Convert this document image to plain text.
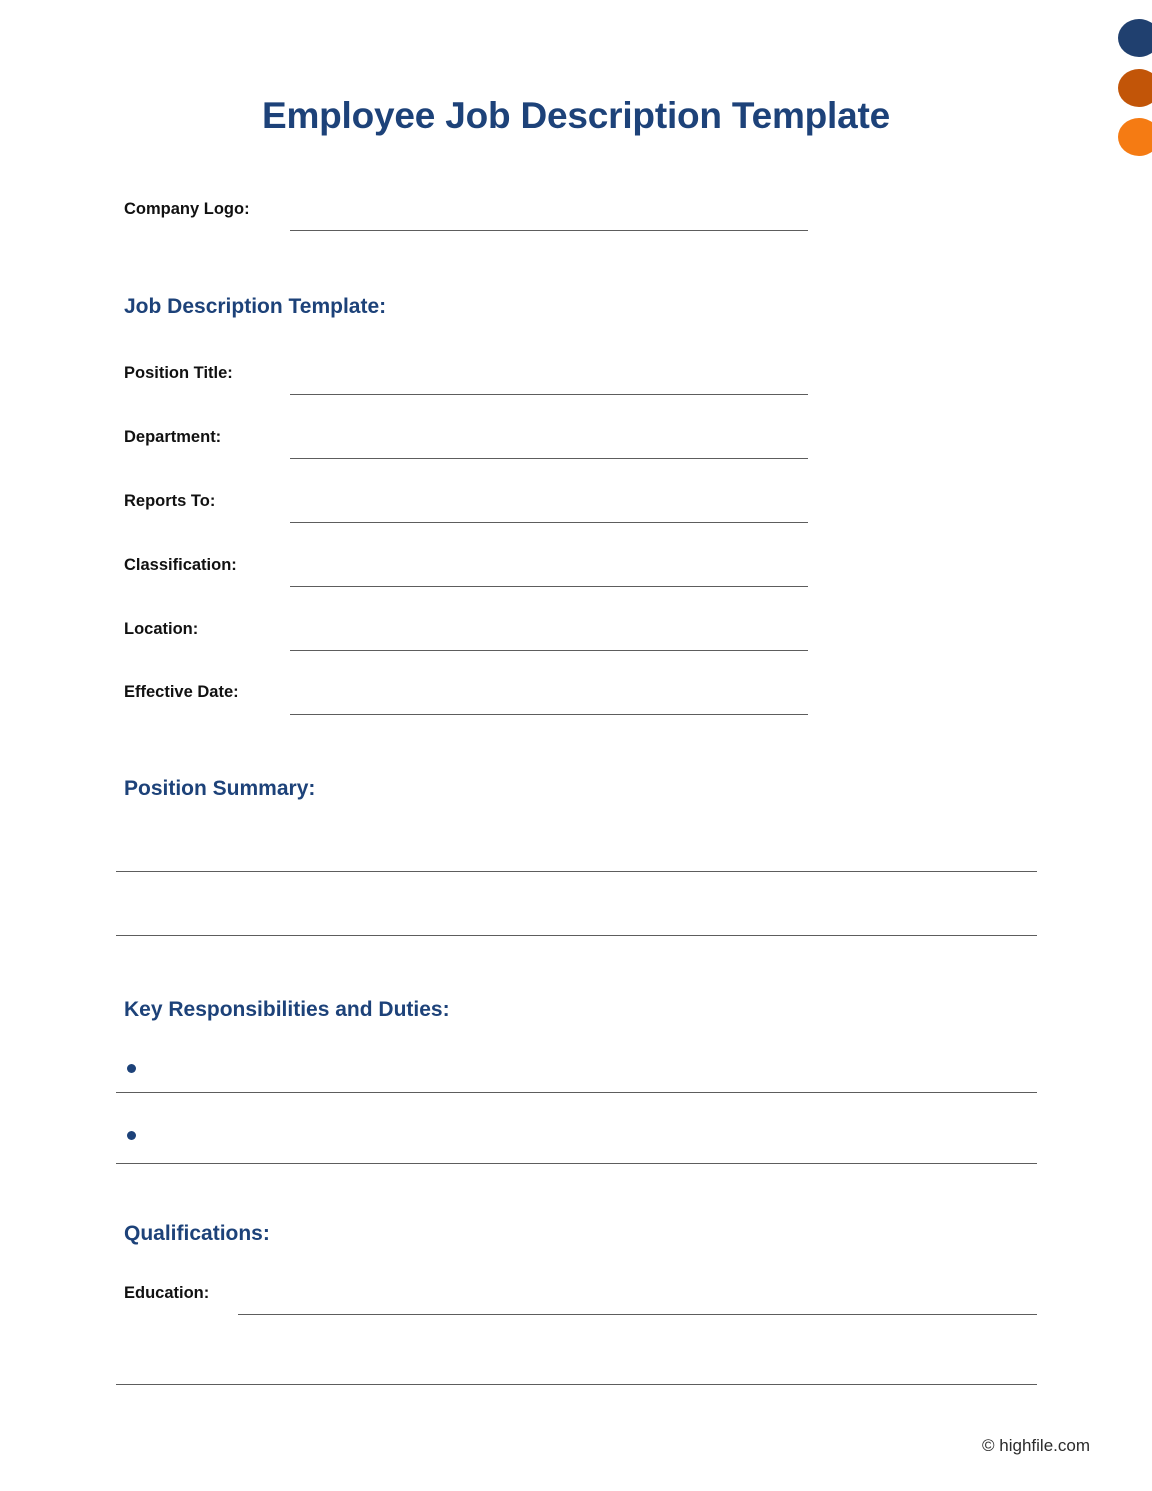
Employee Job Description Template
Company Logo:
Job Description Template:
Position Title:
Department:
Reports To:
Classification:
Location:
Effective Date:
Position Summary:
Key Responsibilities and Duties:
Qualifications:
Education:
© highfile.com
